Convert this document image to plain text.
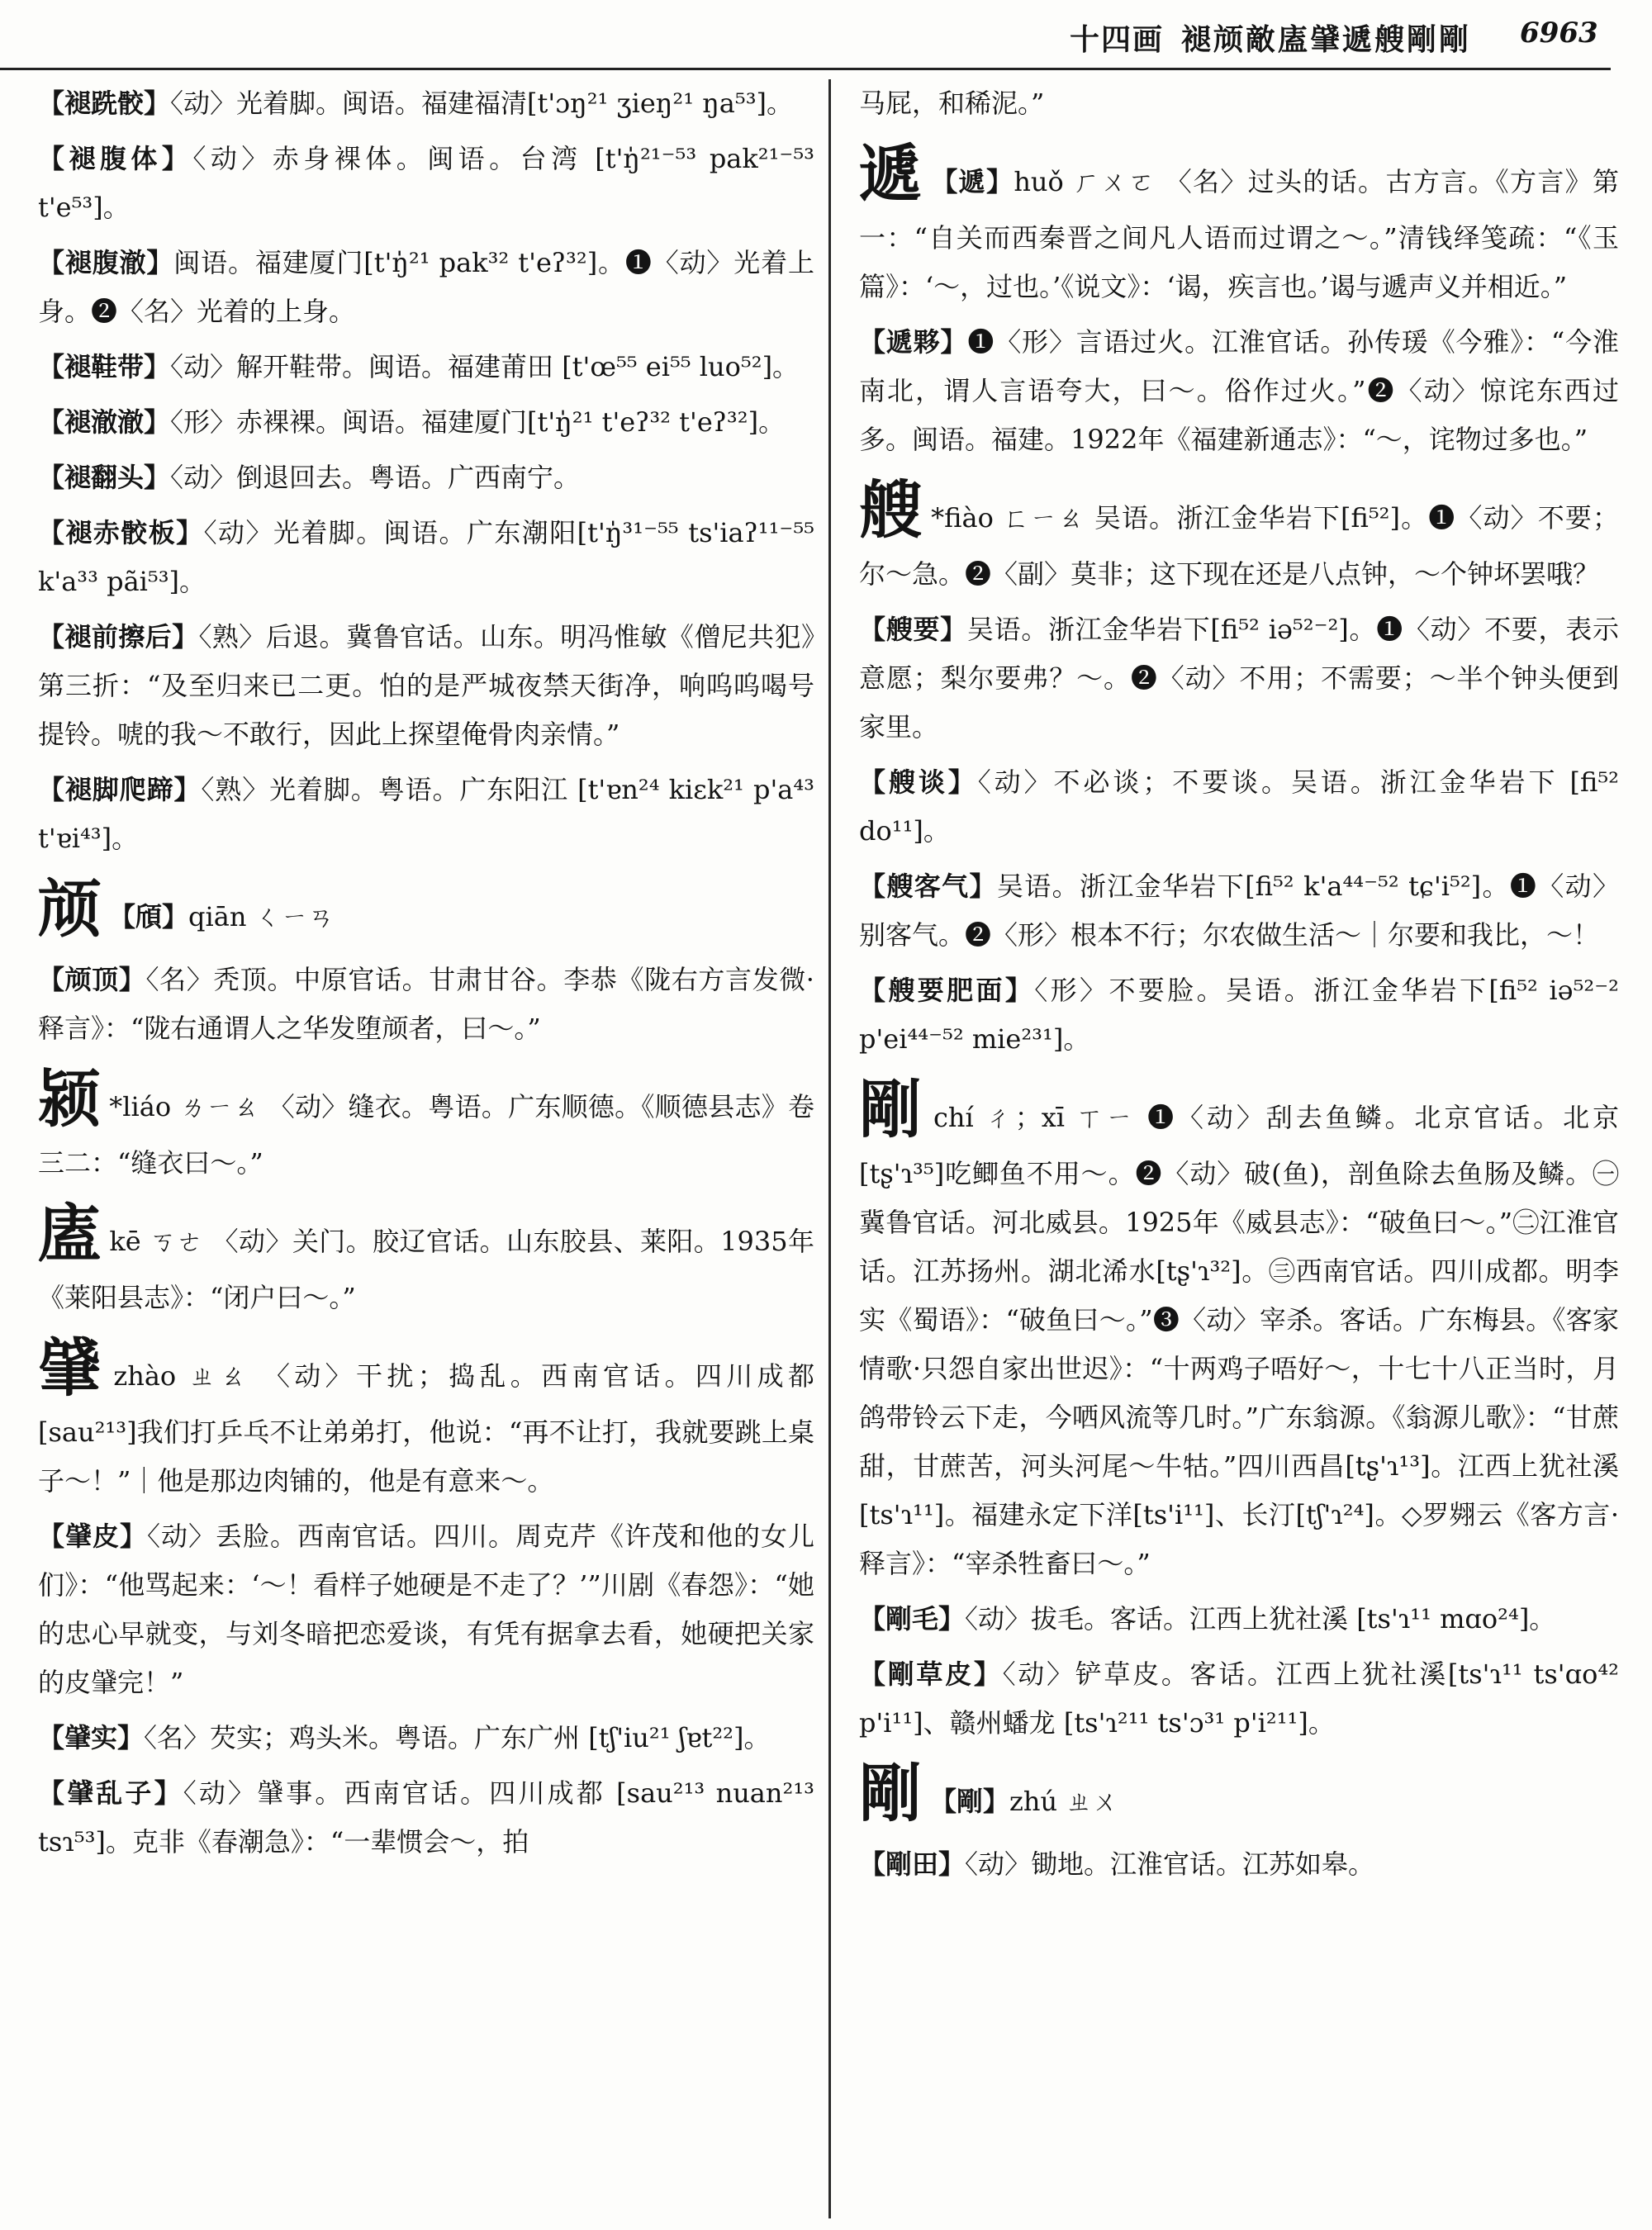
十四画 褪颃敵廅肈遞艘剛剛 6963
【褪跣骹】〈动〉光着脚。闽语。福建福清[t'ɔŋ²¹ ʒieŋ²¹ ŋa⁵³]。
【褪腹体】〈动〉赤身裸体。闽语。台湾 [t'ŋ̍²¹⁻⁵³ pak²¹⁻⁵³ t'e⁵³]。
【褪腹澈】闽语。福建厦门[t'ŋ̍²¹ pak³² t'eʔ³²]。❶〈动〉光着上身。❷〈名〉光着的上身。
【褪鞋带】〈动〉解开鞋带。闽语。福建莆田 [t'œ⁵⁵ ei⁵⁵ luo⁵²]。
【褪澈澈】〈形〉赤裸裸。闽语。福建厦门[t'ŋ̍²¹ t'eʔ³² t'eʔ³²]。
【褪翻头】〈动〉倒退回去。粤语。广西南宁。
【褪赤骹板】〈动〉光着脚。闽语。广东潮阳[t'ŋ̍³¹⁻⁵⁵ ts'iaʔ¹¹⁻⁵⁵ k'a³³ pãi⁵³]。
【褪前擦后】〈熟〉后退。冀鲁官话。山东。明冯惟敏《僧尼共犯》第三折：“及至归来已二更。怕的是严城夜禁天街净，响呜呜喝号提铃。唬的我～不敢行，因此上探望俺骨肉亲情。”
【褪脚爬蹄】〈熟〉光着脚。粤语。广东阳江 [t'ɐn²⁴ kiɛk²¹ p'a⁴³ t'ɐi⁴³]。
颃 【頎】qiān ㄑㄧㄢ
【颃顶】〈名〉秃顶。中原官话。甘肃甘谷。李恭《陇右方言发微·释言》：“陇右通谓人之华发堕颃者，曰～。”
颍 *liáo ㄌㄧㄠ 〈动〉缝衣。粤语。广东顺德。《顺德县志》卷三二：“缝衣曰～。”
廅kē ㄎㄜ 〈动〉关门。胶辽官话。山东胶县、莱阳。1935年《莱阳县志》：“闭户曰～。”
肈zhào ㄓㄠ 〈动〉干扰；捣乱。西南官话。四川成都[sau²¹³]我们打乒乓不让弟弟打，他说：“再不让打，我就要跳上桌子～！”｜他是那边肉铺的，他是有意来～。
【肈皮】〈动〉丢脸。西南官话。四川。周克芹《许茂和他的女儿们》：“他骂起来：‘～！看样子她硬是不走了？’”川剧《春怨》：“她的忠心早就变，与刘冬暗把恋爱谈，有凭有据拿去看，她硬把关家的皮肈完！”
【肈实】〈名〉芡实；鸡头米。粤语。广东广州 [tʃ'iu²¹ ʃɐt²²]。
【肈乱子】〈动〉肈事。西南官话。四川成都 [sau²¹³ nuan²¹³ tsɿ⁵³]。克非《春潮急》：“一辈惯会～，拍
马屁，和稀泥。”
遞 【遞】huǒ ㄏㄨㄛ 〈名〉过头的话。古方言。《方言》第一：“自关而西秦晋之间凡人语而过谓之～。”清钱绎笺疏：“《玉篇》：‘～，过也。’《说文》：‘谒，疾言也。’谒与遞声义并相近。”
【遞夥】❶〈形〉言语过火。江淮官话。孙传瑗《今雅》：“今淮南北，谓人言语夸大，曰～。俗作过火。”❷〈动〉惊诧东西过多。闽语。福建。1922年《福建新通志》：“～，诧物过多也。”
艘 *fiào ㄈㄧㄠ 吴语。浙江金华岩下[fi⁵²]。❶〈动〉不要；尔～急。❷〈副〉莫非；这下现在还是八点钟，～个钟坏罢哦？
【艘要】吴语。浙江金华岩下[fi⁵² iə⁵²⁻²]。❶〈动〉不要，表示意愿；梨尔要弗？～。❷〈动〉不用；不需要；～半个钟头便到家里。
【艘谈】〈动〉不必谈；不要谈。吴语。浙江金华岩下 [fi⁵² do¹¹]。
【艘客气】吴语。浙江金华岩下[fi⁵² k'a⁴⁴⁻⁵² tɕ'i⁵²]。❶〈动〉别客气。❷〈形〉根本不行；尔农做生活～｜尔要和我比，～！
【艘要肥面】〈形〉不要脸。吴语。浙江金华岩下[fi⁵² iə⁵²⁻² p'ei⁴⁴⁻⁵² mie²³¹]。
剛chí ㄔ；xī ㄒㄧ ❶〈动〉刮去鱼鳞。北京官话。北京[tʂ'ɿ³⁵]吃鲫鱼不用～。❷〈动〉破(鱼)，剖鱼除去鱼肠及鳞。㊀冀鲁官话。河北威县。1925年《威县志》：“破鱼曰～。”㊁江淮官话。江苏扬州。湖北浠水[tʂ'ɿ³²]。㊂西南官话。四川成都。明李实《蜀语》：“破鱼曰～。”❸〈动〉宰杀。客话。广东梅县。《客家情歌·只怨自家出世迟》：“十两鸡子唔好～，十七十八正当时，月鸽带铃云下走，今哂风流等几时。”广东翁源。《翁源儿歌》：“甘蔗甜，甘蔗苦，河头河尾～牛牯。”四川西昌[tʂ'ɿ¹³]。江西上犹社溪[ts'ɿ¹¹]。福建永定下洋[ts'i¹¹]、长汀[tʃ'ɿ²⁴]。◇罗翙云《客方言·释言》：“宰杀牲畜曰～。”
【剛毛】〈动〉拔毛。客话。江西上犹社溪 [ts'ɿ¹¹ mɑo²⁴]。
【剛草皮】〈动〉铲草皮。客话。江西上犹社溪[ts'ɿ¹¹ ts'ɑo⁴² p'i¹¹]、赣州蟠龙 [ts'ɿ²¹¹ ts'ɔ³¹ p'i²¹¹]。
剛 【剛】zhú ㄓㄨ
【剛田】〈动〉锄地。江淮官话。江苏如皋。
